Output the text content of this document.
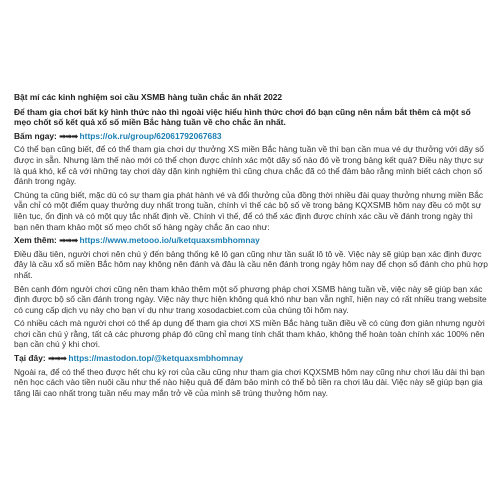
Bật mí các kinh nghiệm soi cầu XSMB hàng tuần chắc ăn nhất 2022

Để tham gia chơi bất kỳ hình thức nào thì ngoài việc hiểu hình thức chơi đó bạn cũng nên nắm bắt thêm cả một số mẹo chốt số kết quả xổ số miền Bắc hàng tuần về cho chắc ăn nhất.

Bấm ngay: ➡➡➡ https://ok.ru/group/62061792067683

Có thể bạn cũng biết, để có thể tham gia chơi dự thưởng XS miền Bắc hàng tuần về thì bạn cần mua vé dự thưởng với dãy số được in sẵn. Nhưng làm thế nào mới có thể chọn được chính xác một dãy số nào đó về trong bảng kết quả? Điều này thực sự là quá khó, kể cả với những tay chơi dày dặn kinh nghiệm thì cũng chưa chắc đã có thể đảm bảo rằng mình biết cách chọn số đánh trong ngày.

Chúng ta cũng biết, mặc dù có sự tham gia phát hành vé và đổi thưởng của đồng thời nhiều đài quay thưởng nhưng miền Bắc vẫn chỉ có một điểm quay thưởng duy nhất trong tuần, chính vì thế các bộ số về trong bảng KQXSMB hôm nay đều có một sự liên tục, ổn định và có một quy tắc nhất định về. Chính vì thế, để có thể xác định được chính xác cầu về đánh trong ngày thì bạn nên tham khảo một số mẹo chốt số hàng ngày chắc ăn cao như:

Xem thêm: ➡➡➡ https://www.metooo.io/u/ketquaxsmbhomnay

Điều đầu tiên, người chơi nên chú ý đến bảng thống kê lô gan cũng như tần suất lô tô về. Việc này sẽ giúp bạn xác định được đây là cầu xổ số miền Bắc hôm nay không nên đánh và đâu là cầu nên đánh trong ngày hôm nay để chọn số đánh cho phù hợp nhất.

Bên cạnh đóm người chơi cũng nên tham khảo thêm một số phương pháp chơi XSMB hàng tuần về, việc này sẽ giúp bạn xác định được bộ số cần đánh trong ngày. Việc này thực hiện không quá khó như bạn vẫn nghĩ, hiện nay có rất nhiều trang website có cung cấp dịch vụ này cho bạn ví dụ như trang xosodacbiet.com của chúng tôi hôm nay.

Có nhiều cách mà người chơi có thể áp dụng để tham gia chơi XS miền Bắc hàng tuần điều về có cùng đơn giản nhưng người chơi cần chú ý rằng, tất cả các phương pháp đó cũng chỉ mang tính chất tham khảo, không thể hoàn toàn chính xác 100% nên bạn cần chú ý khi chơi.

Tại đây: ➡➡➡ https://mastodon.top/@ketquaxsmbhomnay

Ngoài ra, để có thể theo được hết chu kỳ rơi của cầu cũng như tham gia chơi KQXSMB hôm nay cũng như chơi lâu dài thì bạn nên học cách vào tiền nuôi cầu như thế nào hiệu quả để đảm bảo mình có thể bỏ tiền ra chơi lâu dài. Việc này sẽ giúp bạn gia tăng lãi cao nhất trong tuần nếu may mắn trở về của mình sẽ trúng thưởng hôm nay.
